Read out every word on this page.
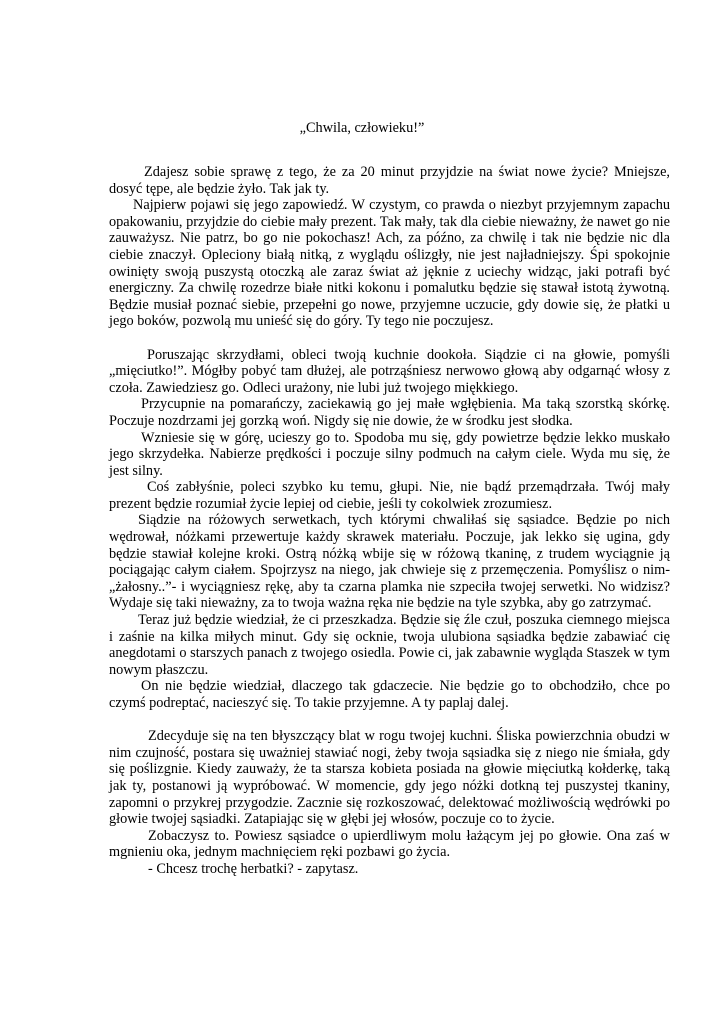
„Chwila, człowieku!”

Zdajesz sobie sprawę z tego, że za 20 minut przyjdzie na świat nowe życie? Mniejsze, dosyć tępe, ale będzie żyło. Tak jak ty.

Najpierw pojawi się jego zapowiedź. W czystym, co prawda o niezbyt przyjemnym zapachu opakowaniu, przyjdzie do ciebie mały prezent. Tak mały, tak dla ciebie nieważny, że nawet go nie zauważysz. Nie patrz, bo go nie pokochasz! Ach, za późno, za chwilę i tak nie będzie nic dla ciebie znaczył. Opleciony białą nitką, z wyglądu oślizgły, nie jest najładniejszy. Śpi spokojnie owinięty swoją puszystą otoczką ale zaraz świat aż jęknie z uciechy widząc, jaki potrafi być energiczny. Za chwilę rozedrze białe nitki kokonu i pomalutku będzie się stawał istotą żywotną. Będzie musiał poznać siebie, przepełni go nowe, przyjemne uczucie, gdy dowie się, że płatki u jego boków, pozwolą mu unieść się do góry. Ty tego nie poczujesz.

Poruszając skrzydłami, obleci twoją kuchnie dookoła. Siądzie ci na głowie, pomyśli „mięciutko!”. Mógłby pobyć tam dłużej, ale potrząśniesz nerwowo głową aby odgarnąć włosy z czoła. Zawiedziesz go. Odleci urażony, nie lubi już twojego miękkiego.

Przycupnie na pomarańczy, zaciekawią go jej małe wgłębienia. Ma taką szorstką skórkę. Poczuje nozdrzami jej gorzką woń. Nigdy się nie dowie, że w środku jest słodka.

Wzniesie się w górę, ucieszy go to. Spodoba mu się, gdy powietrze będzie lekko muskało jego skrzydełka. Nabierze prędkości i poczuje silny podmuch na całym ciele. Wyda mu się, że jest silny.

Coś zabłyśnie, poleci szybko ku temu, głupi. Nie, nie bądź przemądrzała. Twój mały prezent będzie rozumiał życie lepiej od ciebie, jeśli ty cokolwiek zrozumiesz.

Siądzie na różowych serwetkach, tych którymi chwaliłaś się sąsiadce. Będzie po nich wędrował, nóżkami przewertuje każdy skrawek materiału. Poczuje, jak lekko się ugina, gdy będzie stawiał kolejne kroki. Ostrą nóżką wbije się w różową tkaninę, z trudem wyciągnie ją pociągając całym ciałem. Spojrzysz na niego, jak chwieje się z przemęczenia. Pomyślisz o nim- „żałosny..”- i wyciągniesz rękę, aby ta czarna plamka nie szpeciła twojej serwetki. No widzisz? Wydaje się taki nieważny, za to twoja ważna ręka nie będzie na tyle szybka, aby go zatrzymać.

Teraz już będzie wiedział, że ci przeszkadza. Będzie się źle czuł, poszuka ciemnego miejsca i zaśnie na kilka miłych minut. Gdy się ocknie, twoja ulubiona sąsiadka będzie zabawiać cię anegdotami o starszych panach z twojego osiedla. Powie ci, jak zabawnie wygląda Staszek w tym nowym płaszczu.

On nie będzie wiedział, dlaczego tak gdaczecie. Nie będzie go to obchodziło, chce po czymś podreptać, nacieszyć się. To takie przyjemne. A ty paplaj dalej.

Zdecyduje się na ten błyszczący blat w rogu twojej kuchni. Śliska powierzchnia obudzi w nim czujność, postara się uważniej stawiać nogi, żeby twoja sąsiadka się z niego nie śmiała, gdy się poślizgnie. Kiedy zauważy, że ta starsza kobieta posiada na głowie mięciutką kołderkę, taką jak ty, postanowi ją wypróbować. W momencie, gdy jego nóżki dotkną tej puszystej tkaniny, zapomni o przykrej przygodzie. Zacznie się rozkoszować, delektować możliwością wędrówki po głowie twojej sąsiadki. Zatapiając się w głębi jej włosów, poczuje co to życie.

Zobaczysz to. Powiesz sąsiadce o upierdliwym molu łażącym jej po głowie. Ona zaś w mgnieniu oka, jednym machnięciem ręki pozbawi go życia.

- Chcesz trochę herbatki? - zapytasz.
